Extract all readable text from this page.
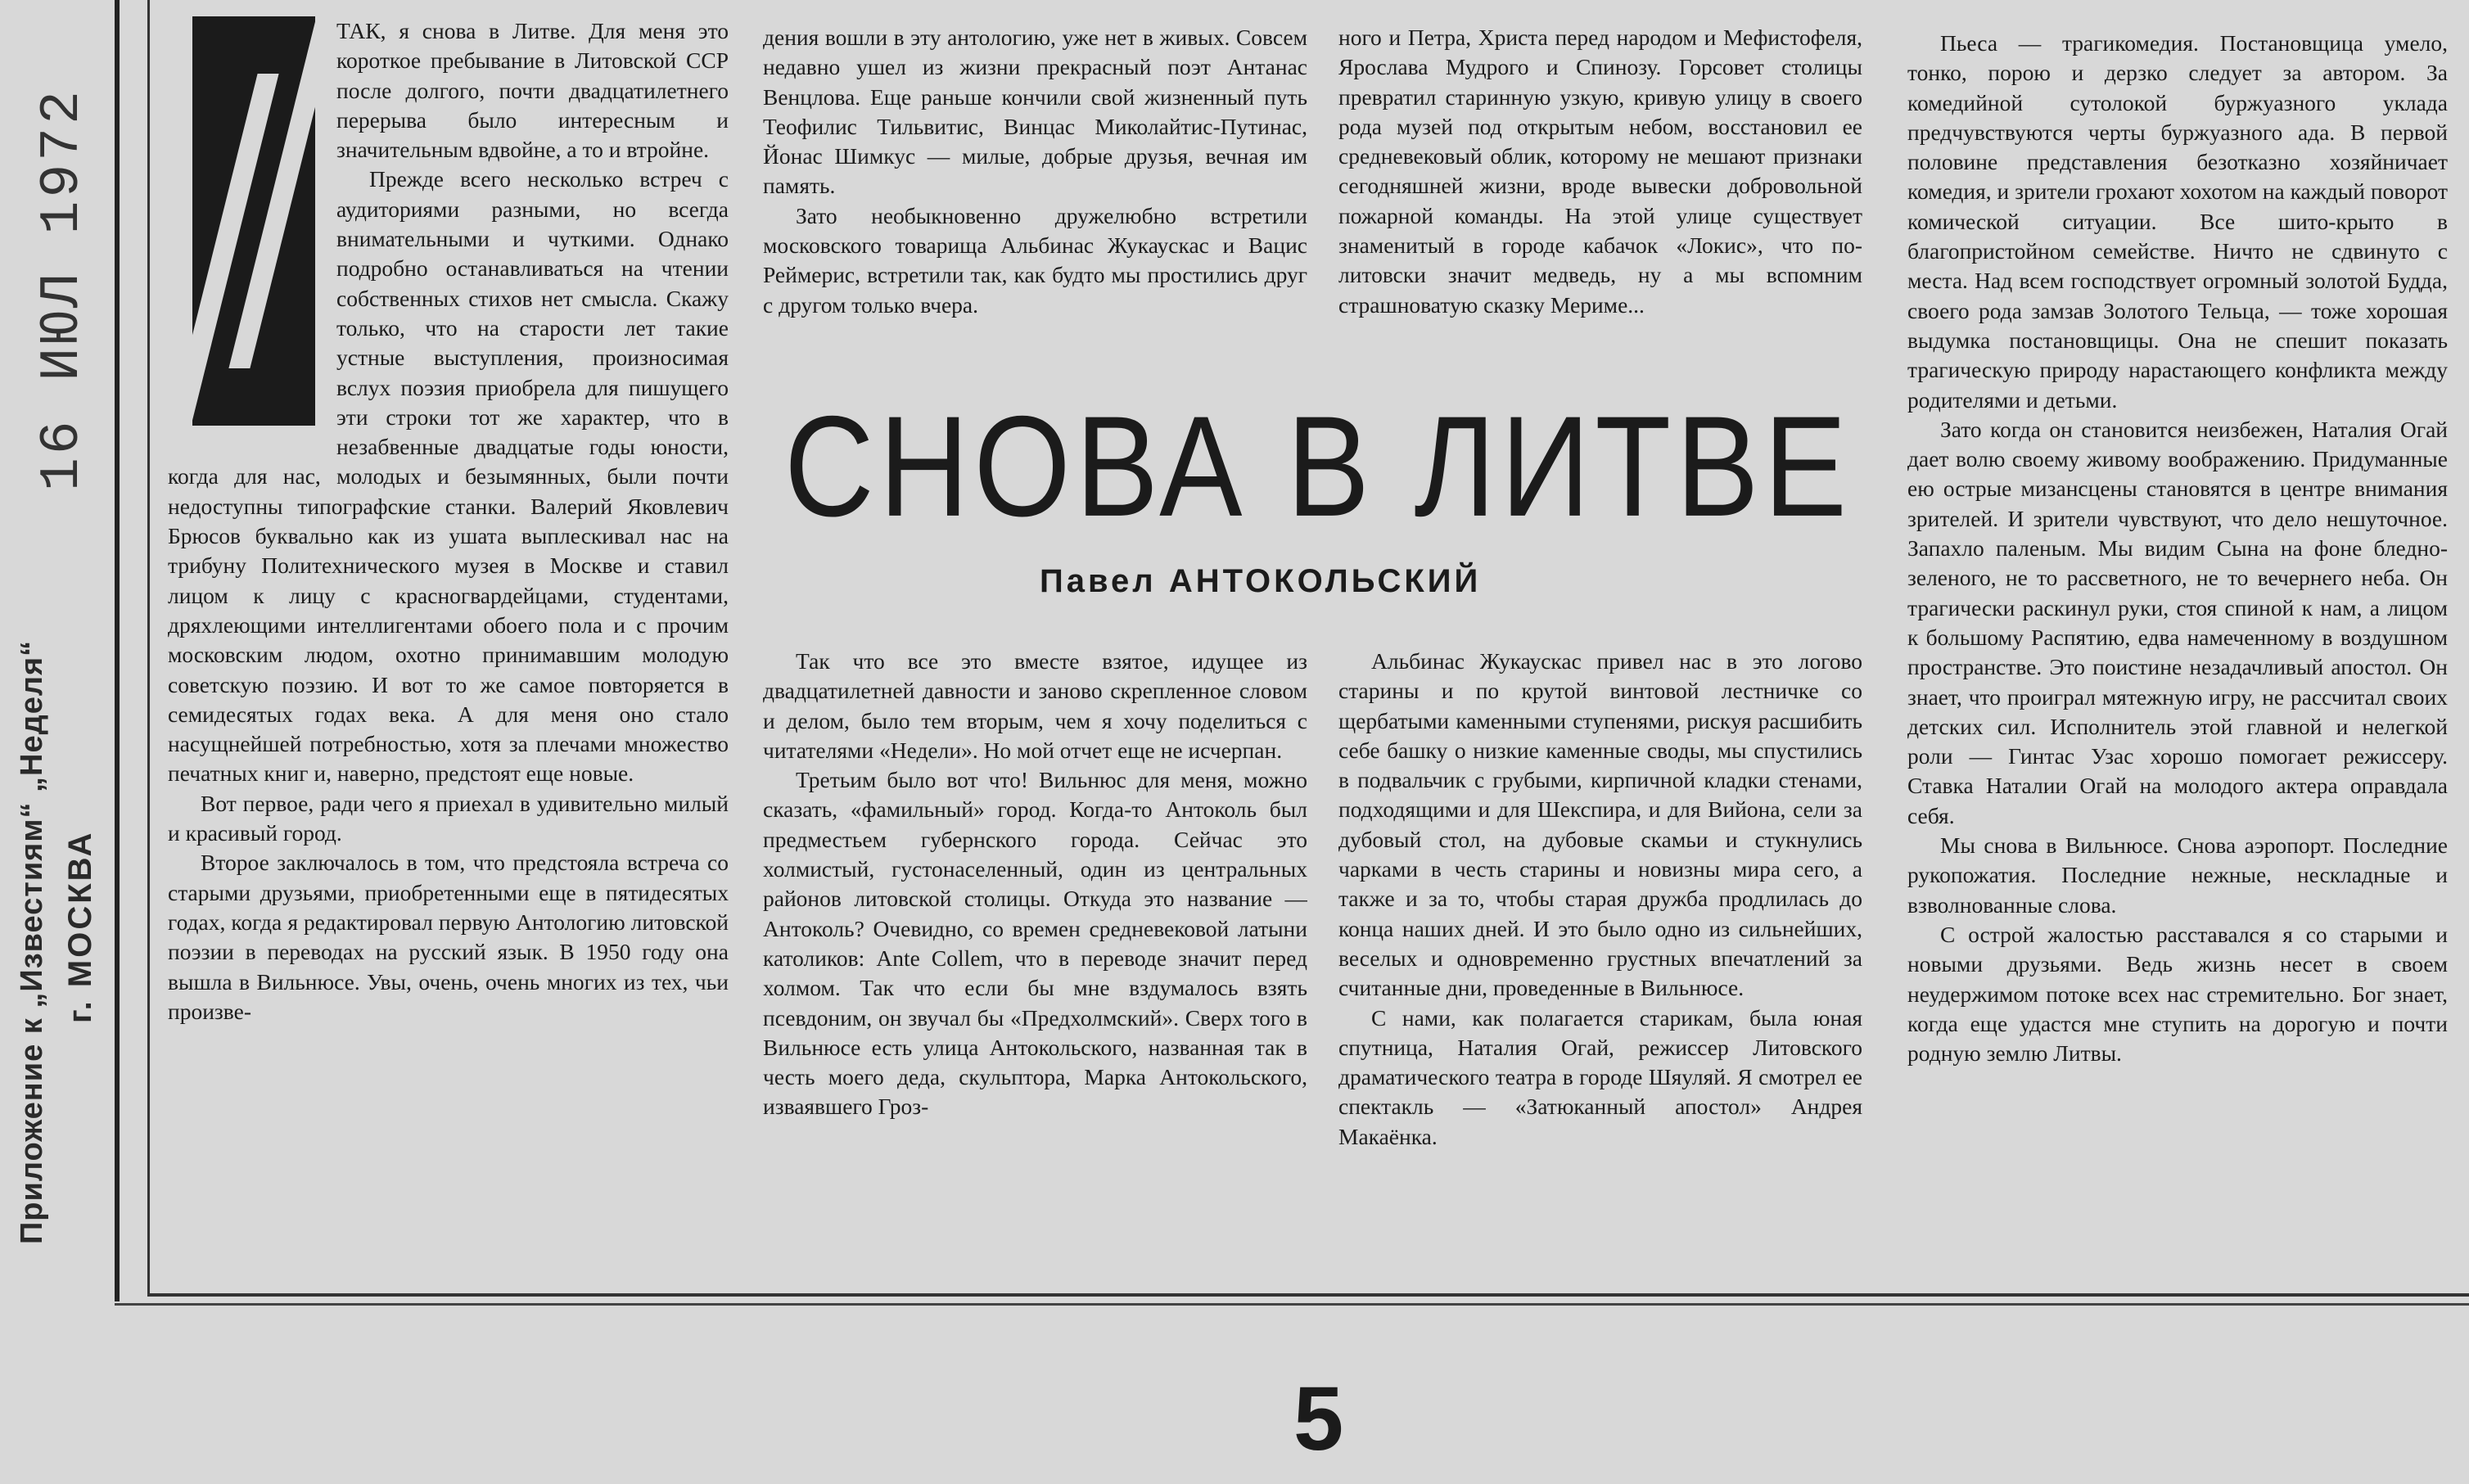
Приложение к „Известиям“ „Неделя“ г. МОСКВА
16 ИЮЛ 1972

ТАК, я снова в Литве. Для меня это короткое пребывание в Литовской ССР после долгого, почти двадцатилетнего перерыва было интересным и значительным вдвойне, а то и втройне.

Прежде всего несколько встреч с аудиториями разными, но всегда внимательными и чуткими. Однако подробно останавливаться на чтении собственных стихов нет смысла. Скажу только, что на старости лет такие устные выступления, произносимая вслух поэзия приобрела для пишущего эти строки тот же характер, что в незабвенные двадцатые годы юности, когда для нас, молодых и безымянных, были почти недоступны типографские станки. Валерий Яковлевич Брюсов буквально как из ушата выплескивал нас на трибуну Политехнического музея в Москве и ставил лицом к лицу с красногвардейцами, студентами, дряхлеющими интеллигентами обоего пола и с прочим московским людом, охотно принимавшим молодую советскую поэзию. И вот то же самое повторяется в семидесятых годах века. А для меня оно стало насущнейшей потребностью, хотя за плечами множество печатных книг и, наверно, предстоят еще новые.

Вот первое, ради чего я приехал в удивительно милый и красивый город.

Второе заключалось в том, что предстояла встреча со старыми друзьями, приобретенными еще в пятидесятых годах, когда я редактировал первую Антологию литовской поэзии в переводах на русский язык. В 1950 году она вышла в Вильнюсе. Увы, очень, очень многих из тех, чьи произве-

дения вошли в эту антологию, уже нет в живых. Совсем недавно ушел из жизни прекрасный поэт Антанас Венцлова. Еще раньше кончили свой жизненный путь Теофилис Тильвитис, Винцас Миколайтис-Путинас, Йонас Шимкус — милые, добрые друзья, вечная им память.

Зато необыкновенно дружелюбно встретили московского товарища Альбинас Жукаускас и Вацис Реймерис, встретили так, как будто мы простились друг с другом только вчера.

ного и Петра, Христа перед народом и Мефистофеля, Ярослава Мудрого и Спинозу. Горсовет столицы превратил старинную узкую, кривую улицу в своего рода музей под открытым небом, восстановил ее средневековый облик, которому не мешают признаки сегодняшней жизни, вроде вывески добровольной пожарной команды. На этой улице существует знаменитый в городе кабачок «Локис», что по-литовски значит медведь, ну а мы вспомним страшноватую сказку Мериме...

СНОВА В ЛИТВЕ
Павел АНТОКОЛЬСКИЙ

Так что все это вместе взятое, идущее из двадцатилетней давности и заново скрепленное словом и делом, было тем вторым, чем я хочу поделиться с читателями «Недели». Но мой отчет еще не исчерпан.

Третьим было вот что! Вильнюс для меня, можно сказать, «фамильный» город. Когда-то Антоколь был предместьем губернского города. Сейчас это холмистый, густонаселенный, один из центральных районов литовской столицы. Откуда это название — Антоколь? Очевидно, со времен средневековой латыни католиков: Ante Collem, что в переводе значит перед холмом. Так что если бы мне вздумалось взять псевдоним, он звучал бы «Предхолмский». Сверх того в Вильнюсе есть улица Антокольского, названная так в честь моего деда, скульптора, Марка Антокольского, изваявшего Гроз-

Альбинас Жукаускас привел нас в это логово старины и по крутой винтовой лестничке со щербатыми каменными ступенями, рискуя расшибить себе башку о низкие каменные своды, мы спустились в подвальчик с грубыми, кирпичной кладки стенами, подходящими и для Шекспира, и для Вийона, сели за дубовый стол, на дубовые скамьи и стукнулись чарками в честь старины и новизны мира сего, а также и за то, чтобы старая дружба продлилась до конца наших дней. И это было одно из сильнейших, веселых и одновременно грустных впечатлений за считанные дни, проведенные в Вильнюсе.

С нами, как полагается старикам, была юная спутница, Наталия Огай, режиссер Литовского драматического театра в городе Шяуляй. Я смотрел ее спектакль — «Затюканный апостол» Андрея Макаёнка.

Пьеса — трагикомедия. Постановщица умело, тонко, порою и дерзко следует за автором. За комедийной сутолокой буржуазного уклада предчувствуются черты буржуазного ада. В первой половине представления безотказно хозяйничает комедия, и зрители грохают хохотом на каждый поворот комической ситуации. Все шито-крыто в благопристойном семействе. Ничто не сдвинуто с места. Над всем господствует огромный золотой Будда, своего рода замзав Золотого Тельца, — тоже хорошая выдумка постановщицы. Она не спешит показать трагическую природу нарастающего конфликта между родителями и детьми.

Зато когда он становится неизбежен, Наталия Огай дает волю своему живому воображению. Придуманные ею острые мизансцены становятся в центре внимания зрителей. И зрители чувствуют, что дело нешуточное. Запахло паленым. Мы видим Сына на фоне бледно-зеленого, не то рассветного, не то вечернего неба. Он трагически раскинул руки, стоя спиной к нам, а лицом к большому Распятию, едва намеченному в воздушном пространстве. Это поистине незадачливый апостол. Он знает, что проиграл мятежную игру, не рассчитал своих детских сил. Исполнитель этой главной и нелегкой роли — Гинтас Узас хорошо помогает режиссеру. Ставка Наталии Огай на молодого актера оправдала себя.

Мы снова в Вильнюсе. Снова аэропорт. Последние рукопожатия. Последние нежные, нескладные и взволнованные слова.

С острой жалостью расставался я со старыми и новыми друзьями. Ведь жизнь несет в своем неудержимом потоке всех нас стремительно. Бог знает, когда еще удастся мне ступить на дорогую и почти родную землю Литвы.

5
